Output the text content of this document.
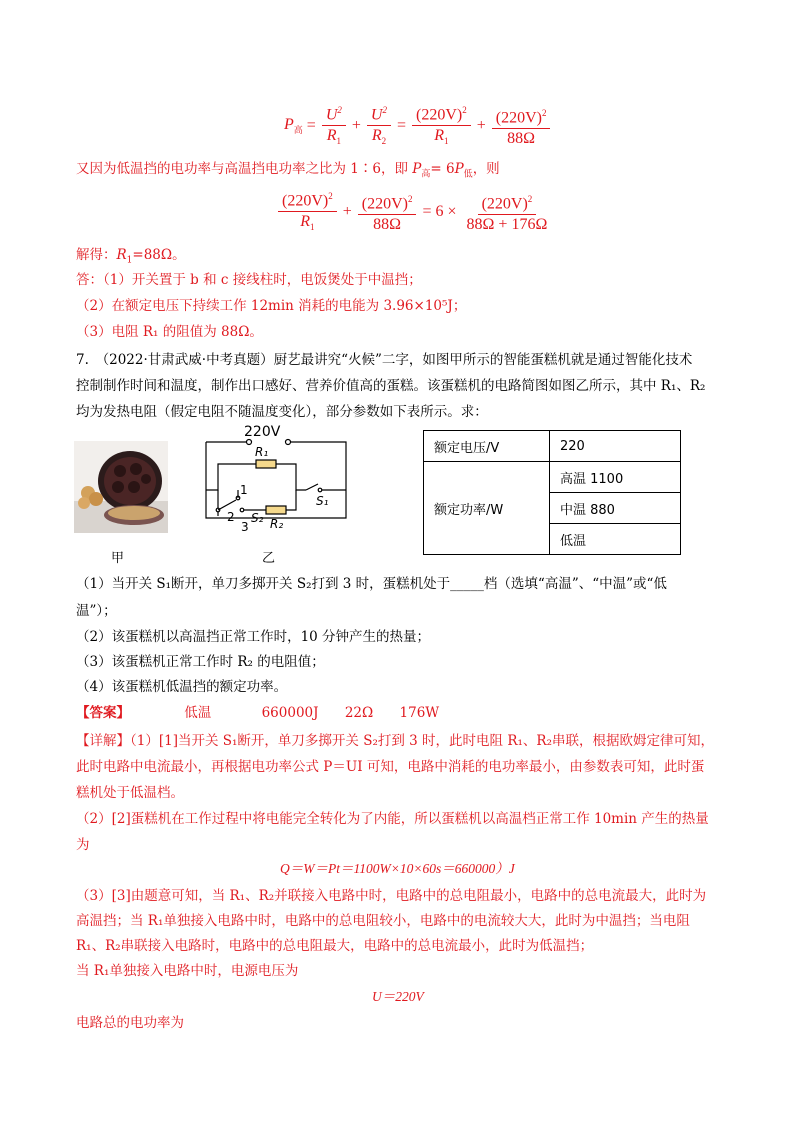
$P_高 = \frac{U^2}{R_1} + \frac{U^2}{R_2} = \frac{(220V)^2}{R_1} + \frac{(220V)^2}{88\Omega}$
又因为低温挡的电功率与高温挡电功率之比为 1∶6，即 $P_高= 6P_低$，则
$\frac{(220V)^2}{R_1} + \frac{(220V)^2}{88\Omega} = 6 \times \frac{(220V)^2}{88\Omega + 176\Omega}$
解得：$R_1=88\Omega$。
答：（1）开关置于 b 和 c 接线柱时，电饭煲处于中温挡；
（2）在额定电压下持续工作 12min 消耗的电能为 3.96×10⁵J；
（3）电阻 R₁ 的阻值为 88Ω。
7.　（2022·甘肃武威·中考真题）厨艺最讲究“火候”二字，如图甲所示的智能蛋糕机就是通过智能化技术
控制制作时间和温度，制作出口感好、营养价值高的蛋糕。该蛋糕机的电路简图如图乙所示，其中 R₁、R₂
均为发热电阻（假定电阻不随温度变化），部分参数如下表所示。求：
甲
220V
R₁
S₁
1
2
3
S₂ R₂
乙
额定电压/V	220
额定功率/W	高温 1100
	中温 880
	低温
（1）当开关 S₁断开，单刀多掷开关 S₂打到 3 时，蛋糕机处于_____档（选填“高温”、“中温”或“低
温”）；
（2）该蛋糕机以高温挡正常工作时，10 分钟产生的热量；
（3）该蛋糕机正常工作时 R₂ 的电阻值；
（4）该蛋糕机低温挡的额定功率。
【答案】	低温	660000J 22Ω 176W
【详解】（1）[1]当开关 S₁断开，单刀多掷开关 S₂打到 3 时，此时电阻 R₁、R₂串联，根据欧姆定律可知，
此时电路中电流最小，再根据电功率公式 P＝UI 可知，电路中消耗的电功率最小，由参数表可知，此时蛋
糕机处于低温档。
（2）[2]蛋糕机在工作过程中将电能完全转化为了内能，所以蛋糕机以高温档正常工作 10min 产生的热量
为
Q＝W＝Pt＝1100W×10×60s＝660000）J
（3）[3]由题意可知，当 R₁、R₂并联接入电路中时，电路中的总电阻最小，电路中的总电流最大，此时为
高温挡；当 R₁单独接入电路中时，电路中的总电阻较小，电路中的电流较大大，此时为中温挡；当电阻
R₁、R₂串联接入电路时，电路中的总电阻最大，电路中的总电流最小，此时为低温挡；
当 R₁单独接入电路中时，电源电压为
U＝220V
电路总的电功率为
